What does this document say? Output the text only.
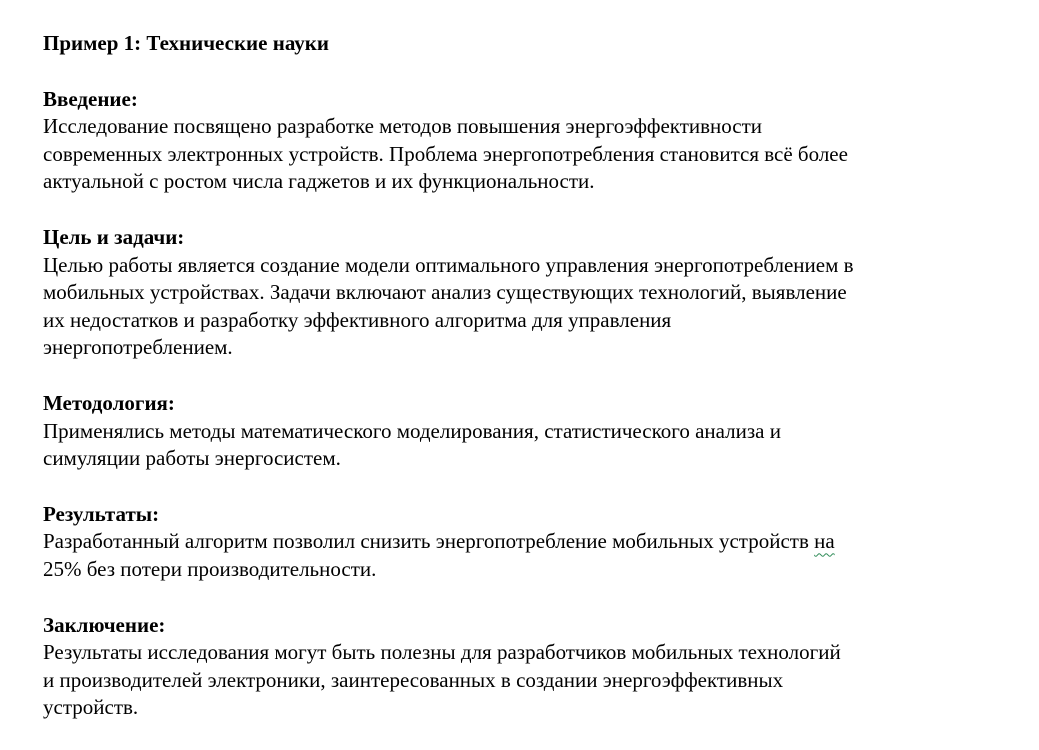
Пример 1: Технические науки
Введение:
Исследование посвящено разработке методов повышения энергоэффективности
современных электронных устройств. Проблема энергопотребления становится всё более
актуальной с ростом числа гаджетов и их функциональности.
Цель и задачи:
Целью работы является создание модели оптимального управления энергопотреблением в
мобильных устройствах. Задачи включают анализ существующих технологий, выявление
их недостатков и разработку эффективного алгоритма для управления
энергопотреблением.
Методология:
Применялись методы математического моделирования, статистического анализа и
симуляции работы энергосистем.
Результаты:
Разработанный алгоритм позволил снизить энергопотребление мобильных устройств на
25% без потери производительности.
Заключение:
Результаты исследования могут быть полезны для разработчиков мобильных технологий
и производителей электроники, заинтересованных в создании энергоэффективных
устройств.
